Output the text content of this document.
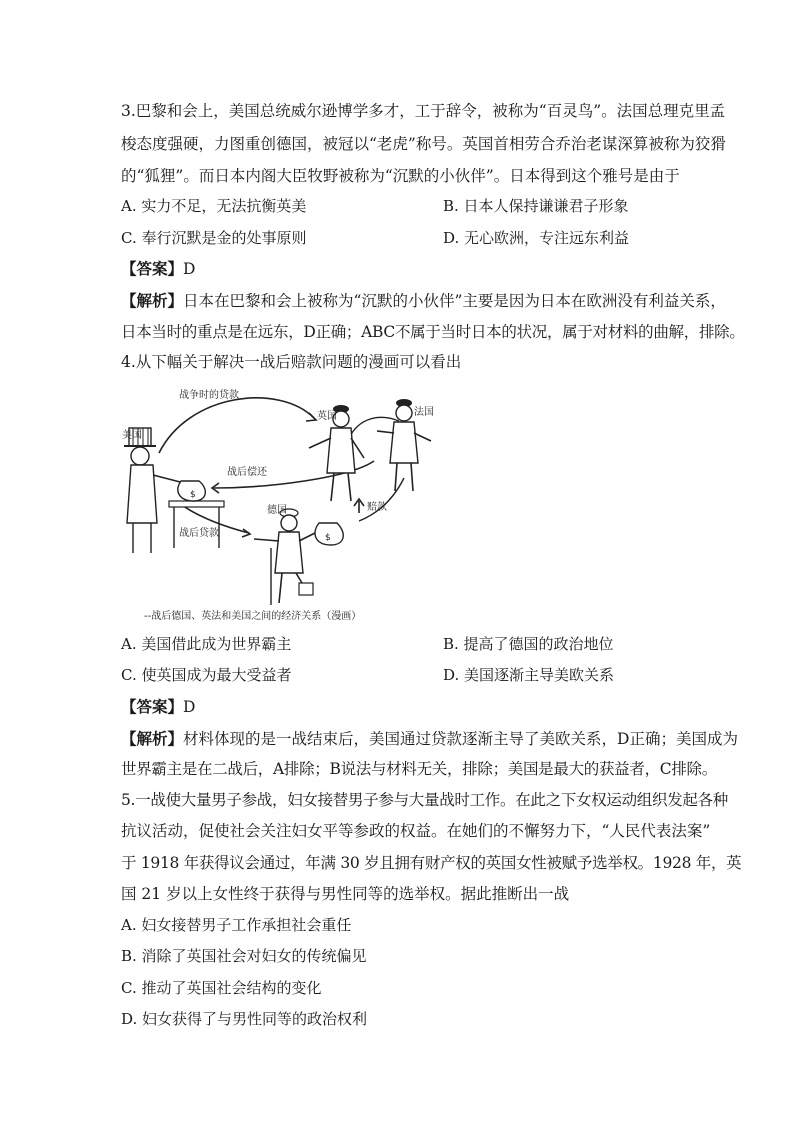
3.巴黎和会上，美国总统威尔逊博学多才，工于辞令，被称为“百灵鸟”。法国总理克里孟
梭态度强硬，力图重创德国，被冠以“老虎”称号。英国首相劳合乔治老谋深算被称为狡猾
的“狐狸”。而日本内阁大臣牧野被称为“沉默的小伙伴”。日本得到这个雅号是由于
A. 实力不足，无法抗衡英美	B. 日本人保持谦谦君子形象
C. 奉行沉默是金的处事原则	D. 无心欧洲，专注远东利益
【答案】D
【解析】日本在巴黎和会上被称为“沉默的小伙伴”主要是因为日本在欧洲没有利益关系，
日本当时的重点是在远东，D正确；ABC不属于当时日本的状况，属于对材料的曲解，排除。
4.从下幅关于解决一战后赔款问题的漫画可以看出
战争时的贷款
英国	法国
美国
战后偿还
德国	赔款
战后贷款
$
$
--战后德国、英法和美国之间的经济关系（漫画）
A. 美国借此成为世界霸主	B. 提高了德国的政治地位
C. 使英国成为最大受益者	D. 美国逐渐主导美欧关系
【答案】D
【解析】材料体现的是一战结束后，美国通过贷款逐渐主导了美欧关系，D正确；美国成为
世界霸主是在二战后，A排除；B说法与材料无关，排除；美国是最大的获益者，C排除。
5.一战使大量男子参战，妇女接替男子参与大量战时工作。在此之下女权运动组织发起各种
抗议活动，促使社会关注妇女平等参政的权益。在她们的不懈努力下，“人民代表法案”
于 1918 年获得议会通过，年满 30 岁且拥有财产权的英国女性被赋予选举权。1928 年，英
国 21 岁以上女性终于获得与男性同等的选举权。据此推断出一战
A. 妇女接替男子工作承担社会重任
B. 消除了英国社会对妇女的传统偏见
C. 推动了英国社会结构的变化
D. 妇女获得了与男性同等的政治权利
